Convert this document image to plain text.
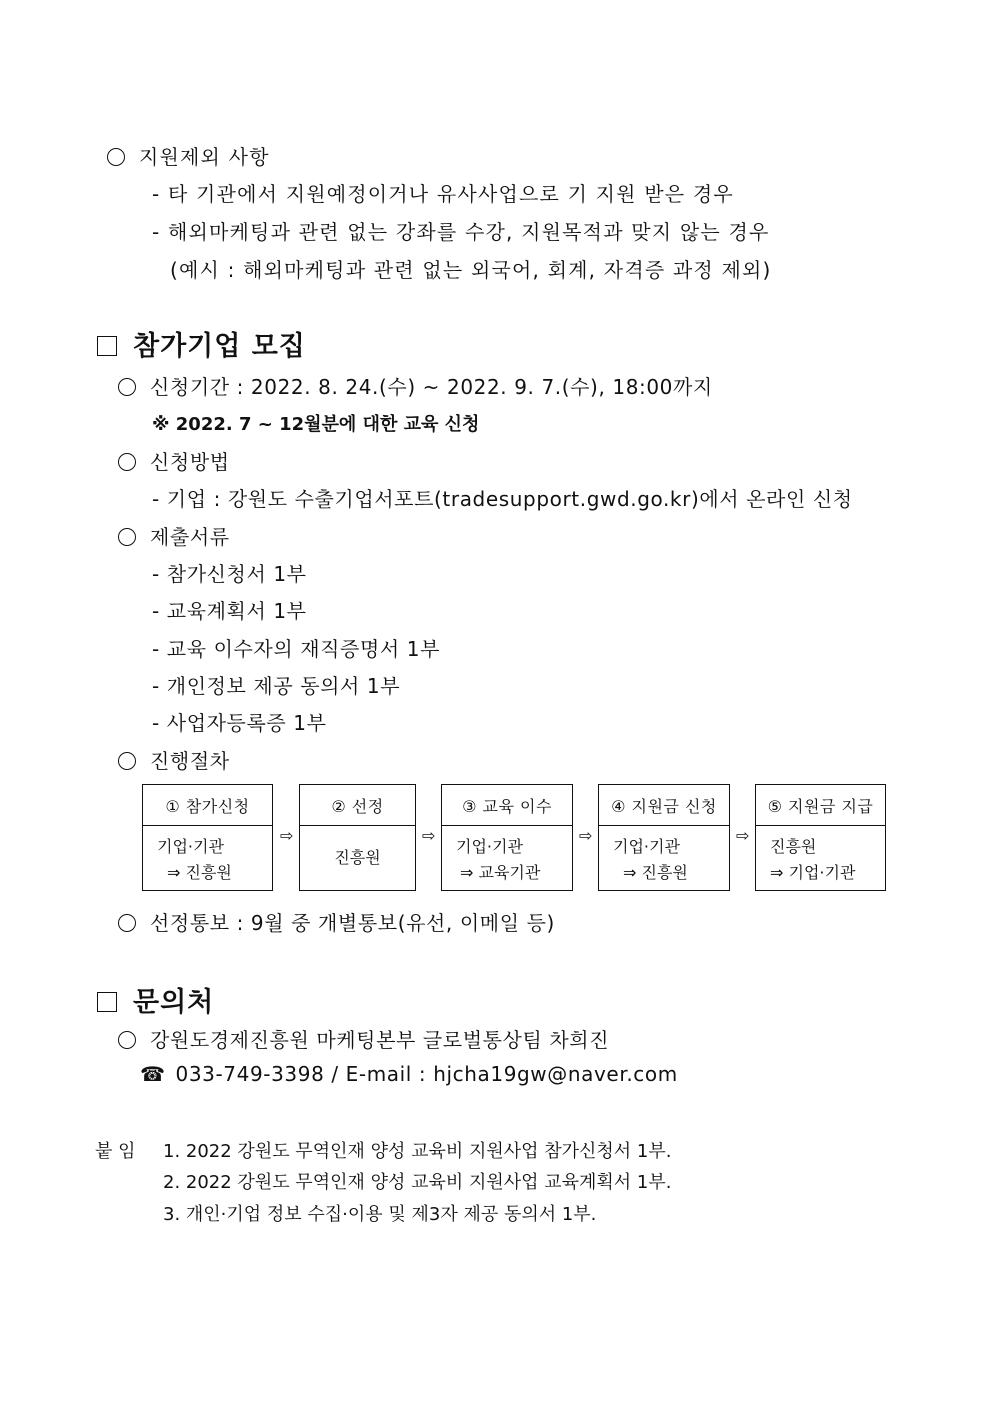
지원제외 사항
- 타 기관에서 지원예정이거나 유사사업으로 기 지원 받은 경우
- 해외마케팅과 관련 없는 강좌를 수강, 지원목적과 맞지 않는 경우
(예시 : 해외마케팅과 관련 없는 외국어, 회계, 자격증 과정 제외)
참가기업 모집
신청기간 : 2022. 8. 24.(수) ~ 2022. 9. 7.(수), 18:00까지
※ 2022. 7 ~ 12월분에 대한 교육 신청
신청방법
- 기업 : 강원도 수출기업서포트(tradesupport.gwd.go.kr)에서 온라인 신청
제출서류
- 참가신청서 1부
- 교육계획서 1부
- 교육 이수자의 재직증명서 1부
- 개인정보 제공 동의서 1부
- 사업자등록증 1부
진행절차
① 참가신청
기업·기관
⇒ 진흥원
⇨
② 선정
진흥원
⇨
③ 교육 이수
기업·기관
⇒ 교육기관
⇨
④ 지원금 신청
기업·기관
⇒ 진흥원
⇨
⑤ 지원금 지급
진흥원
⇒ 기업·기관
선정통보 : 9월 중 개별통보(유선, 이메일 등)
문의처
강원도경제진흥원 마케팅본부 글로벌통상팀 차희진
☎ 033-749-3398 / E-mail : hjcha19gw@naver.com
붙 임 1. 2022 강원도 무역인재 양성 교육비 지원사업 참가신청서 1부.
2. 2022 강원도 무역인재 양성 교육비 지원사업 교육계획서 1부.
3. 개인·기업 정보 수집·이용 및 제3자 제공 동의서 1부.
